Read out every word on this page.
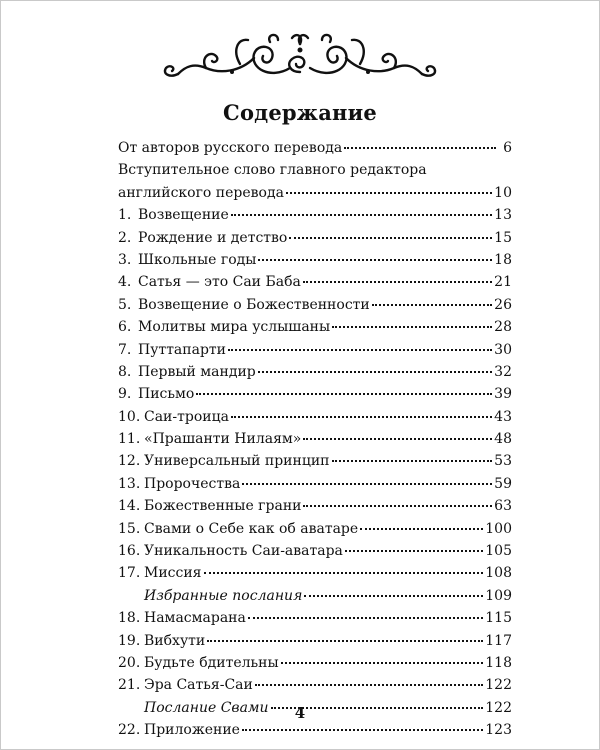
Содержание
От авторов русского перевода	6
Вступительное слово главного редактора
английского перевода	10
1. Возвещение	13
2. Рождение и детство	15
3. Школьные годы	18
4. Сатья — это Саи Баба	21
5. Возвещение о Божественности	26
6. Молитвы мира услышаны	28
7. Путтапарти	30
8. Первый мандир	32
9. Письмо	39
10. Саи-троица	43
11. «Прашанти Нилаям»	48
12. Универсальный принцип	53
13. Пророчества	59
14. Божественные грани	63
15. Свами о Себе как об аватаре	100
16. Уникальность Саи-аватара	105
17. Миссия	108
Избранные послания	109
18. Намасмарана	115
19. Вибхути	117
20. Будьте бдительны	118
21. Эра Сатья-Саи	122
Послание Свами	122
22. Приложение	123
4
